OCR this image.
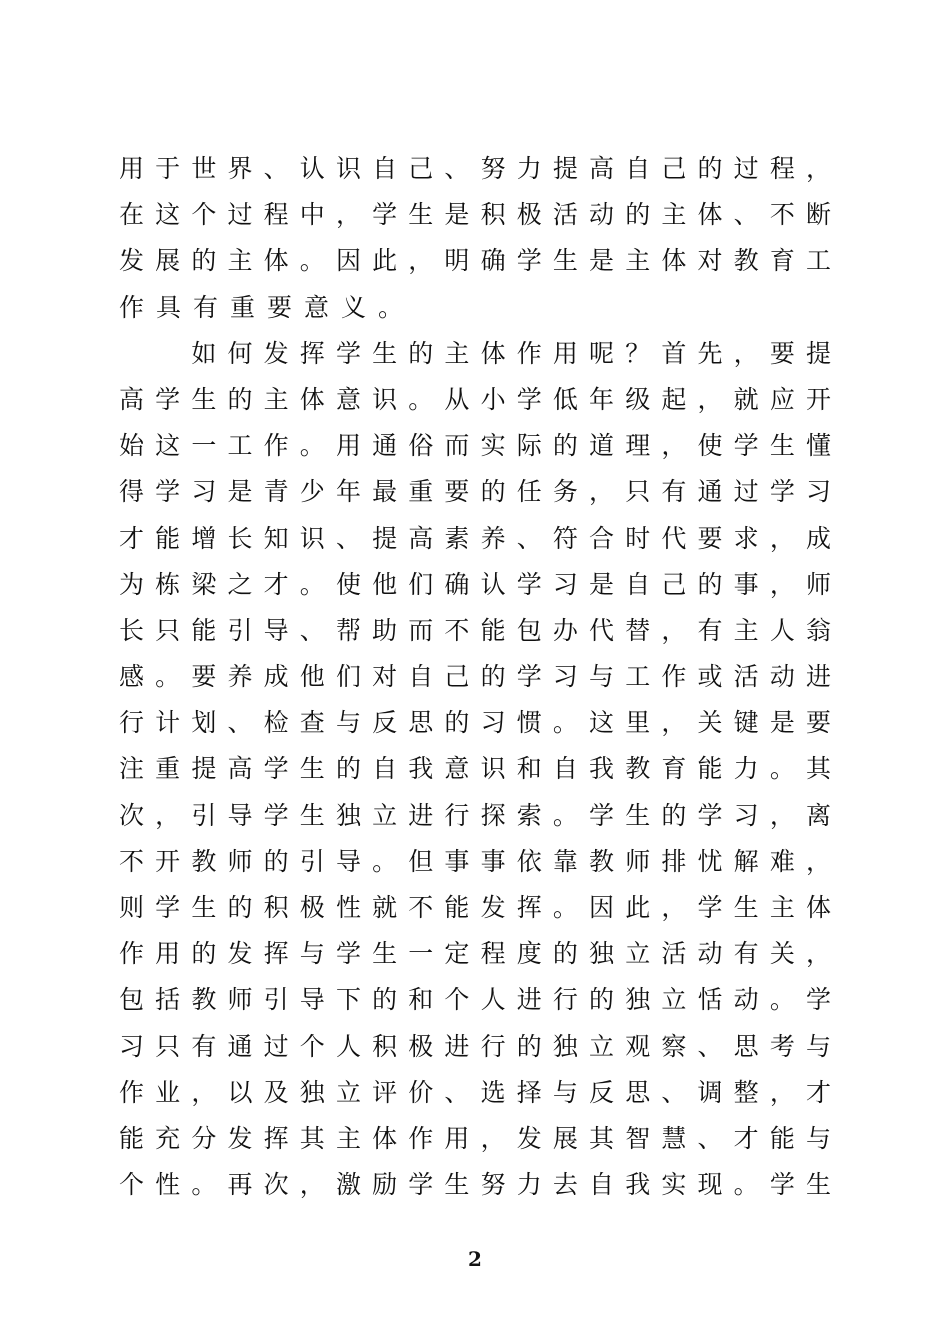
用于世界、认识自己、努力提高自己的过程，
在这个过程中，学生是积极活动的主体、不断
发展的主体。因此，明确学生是主体对教育工
作具有重要意义。
　　如何发挥学生的主体作用呢？首先，要提
高学生的主体意识。从小学低年级起，就应开
始这一工作。用通俗而实际的道理，使学生懂
得学习是青少年最重要的任务，只有通过学习
才能增长知识、提高素养、符合时代要求，成
为栋梁之才。使他们确认学习是自己的事，师
长只能引导、帮助而不能包办代替，有主人翁
感。要养成他们对自己的学习与工作或活动进
行计划、检查与反思的习惯。这里，关键是要
注重提高学生的自我意识和自我教育能力。其
次，引导学生独立进行探索。学生的学习，离
不开教师的引导。但事事依靠教师排忧解难，
则学生的积极性就不能发挥。因此，学生主体
作用的发挥与学生一定程度的独立活动有关，
包括教师引导下的和个人进行的独立恬动。学
习只有通过个人积极进行的独立观察、思考与
作业，以及独立评价、选择与反思、调整，才
能充分发挥其主体作用，发展其智慧、才能与
个性。再次，激励学生努力去自我实现。学生
2
